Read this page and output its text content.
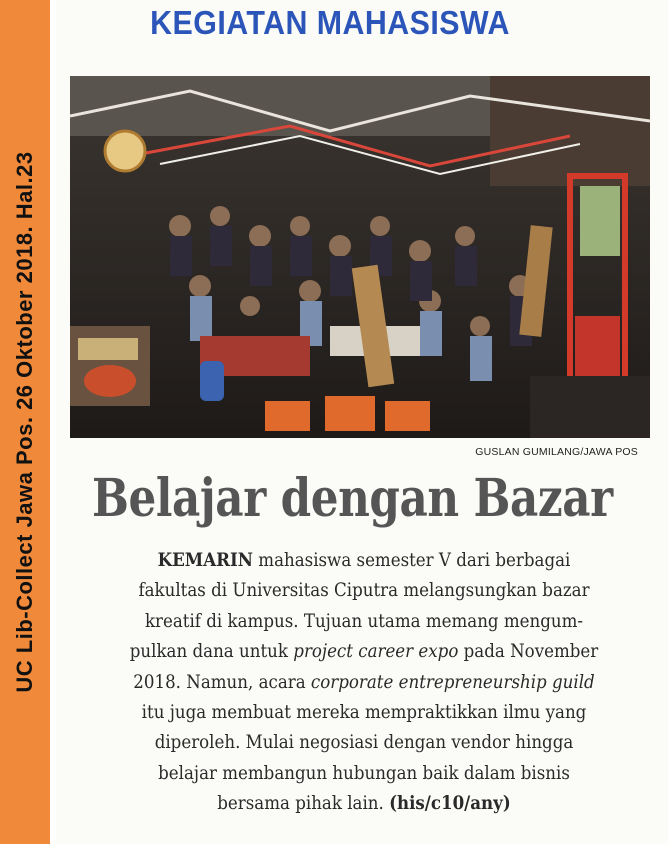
UC Lib-Collect Jawa Pos. 26 Oktober 2018. Hal.23
KEGIATAN MAHASISWA
GUSLAN GUMILANG/JAWA POS
Belajar dengan Bazar
KEMARIN mahasiswa semester V dari berbagai
fakultas di Universitas Ciputra melangsungkan bazar
kreatif di kampus. Tujuan utama memang mengum-
pulkan dana untuk project career expo pada November
2018. Namun, acara corporate entrepreneurship guild
itu juga membuat mereka mempraktikkan ilmu yang
diperoleh. Mulai negosiasi dengan vendor hingga
belajar membangun hubungan baik dalam bisnis
bersama pihak lain. (his/c10/any)
